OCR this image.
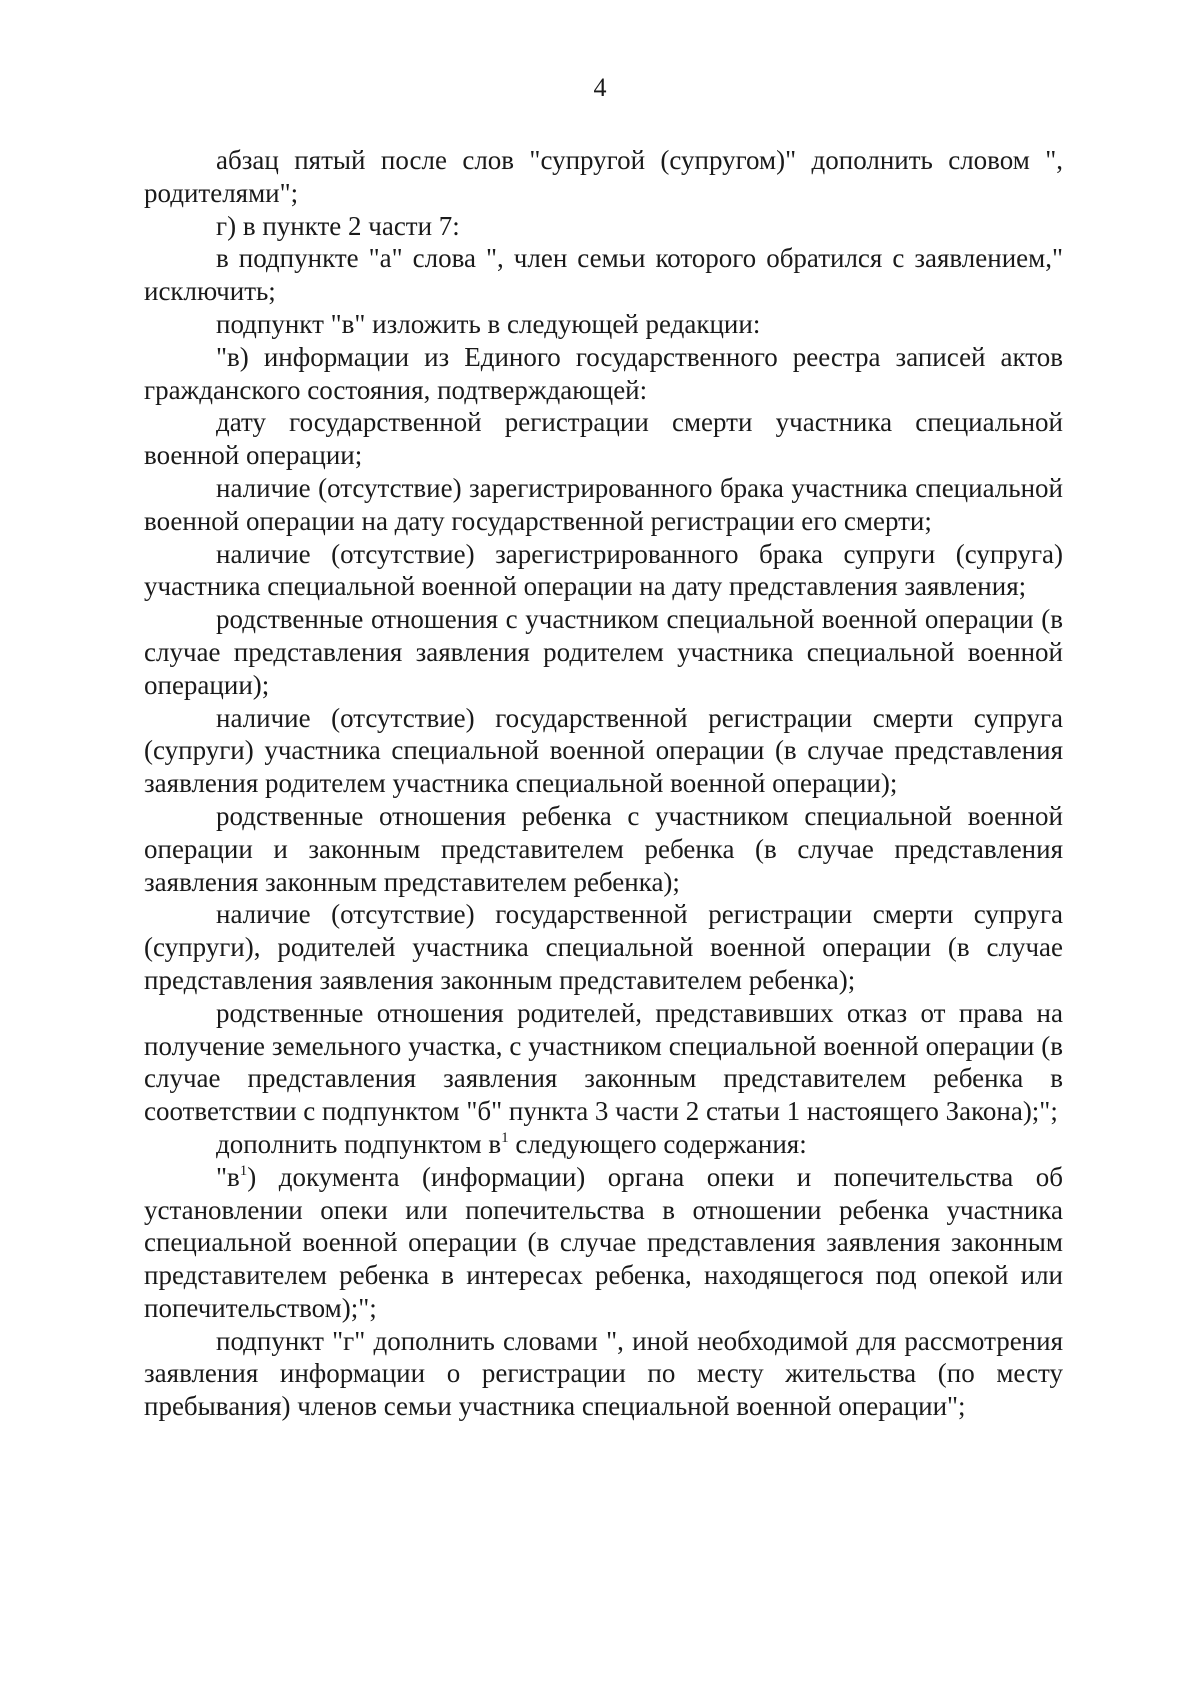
4

абзац пятый после слов "супругой (супругом)" дополнить словом ", родителями";

г) в пункте 2 части 7:

в подпункте "а" слова ", член семьи которого обратился с заявлением," исключить;

подпункт "в" изложить в следующей редакции:

"в) информации из Единого государственного реестра записей актов гражданского состояния, подтверждающей:

дату государственной регистрации смерти участника специальной военной операции;

наличие (отсутствие) зарегистрированного брака участника специальной военной операции на дату государственной регистрации его смерти;

наличие (отсутствие) зарегистрированного брака супруги (супруга) участника специальной военной операции на дату представления заявления;

родственные отношения с участником специальной военной операции (в случае представления заявления родителем участника специальной военной операции);

наличие (отсутствие) государственной регистрации смерти супруга (супруги) участника специальной военной операции (в случае представления заявления родителем участника специальной военной операции);

родственные отношения ребенка с участником специальной военной операции и законным представителем ребенка (в случае представления заявления законным представителем ребенка);

наличие (отсутствие) государственной регистрации смерти супруга (супруги), родителей участника специальной военной операции (в случае представления заявления законным представителем ребенка);

родственные отношения родителей, представивших отказ от права на получение земельного участка, с участником специальной военной операции (в случае представления заявления законным представителем ребенка в соответствии с подпунктом "б" пункта 3 части 2 статьи 1 настоящего Закона);";

дополнить подпунктом $в^1$ следующего содержания:

"$в^1$) документа (информации) органа опеки и попечительства об установлении опеки или попечительства в отношении ребенка участника специальной военной операции (в случае представления заявления законным представителем ребенка в интересах ребенка, находящегося под опекой или попечительством);";

подпункт "г" дополнить словами ", иной необходимой для рассмотрения заявления информации о регистрации по месту жительства (по месту пребывания) членов семьи участника специальной военной операции";
